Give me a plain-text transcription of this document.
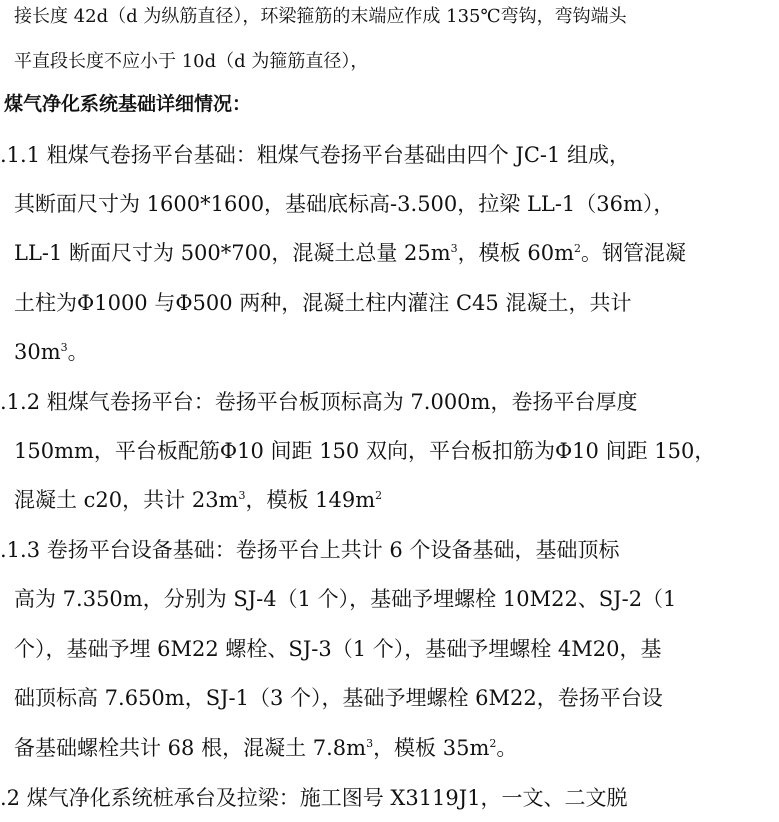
接长度 42d（d 为纵筋直径），环梁箍筋的末端应作成 135℃弯钩，弯钩端头
平直段长度不应小于 10d（d 为箍筋直径），
煤气净化系统基础详细情况：
.1.1 粗煤气卷扬平台基础：粗煤气卷扬平台基础由四个 JC-1 组成，
其断面尺寸为 1600*1600，基础底标高-3.500，拉梁 LL-1（36m），
LL-1 断面尺寸为 500*700，混凝土总量 $25m^3$，模板 $60m^2$。钢管混凝
土柱为Φ1000 与Φ500 两种，混凝土柱内灌注 C45 混凝土，共计
$30m^3$。
.1.2 粗煤气卷扬平台：卷扬平台板顶标高为 7.000m，卷扬平台厚度
150mm，平台板配筋Φ10 间距 150 双向，平台板扣筋为Φ10 间距 150，
混凝土 c20，共计 $23m^3$，模板 $149m^2$
.1.3 卷扬平台设备基础：卷扬平台上共计 6 个设备基础，基础顶标
高为 7.350m，分别为 SJ-4（1 个），基础予埋螺栓 10M22、SJ-2（1
个），基础予埋 6M22 螺栓、SJ-3（1 个），基础予埋螺栓 4M20，基
础顶标高 7.650m，SJ-1（3 个），基础予埋螺栓 6M22，卷扬平台设
备基础螺栓共计 68 根，混凝土 $7.8m^3$，模板 $35m^2$。
.2 煤气净化系统桩承台及拉梁：施工图号 X3119J1，一文、二文脱
